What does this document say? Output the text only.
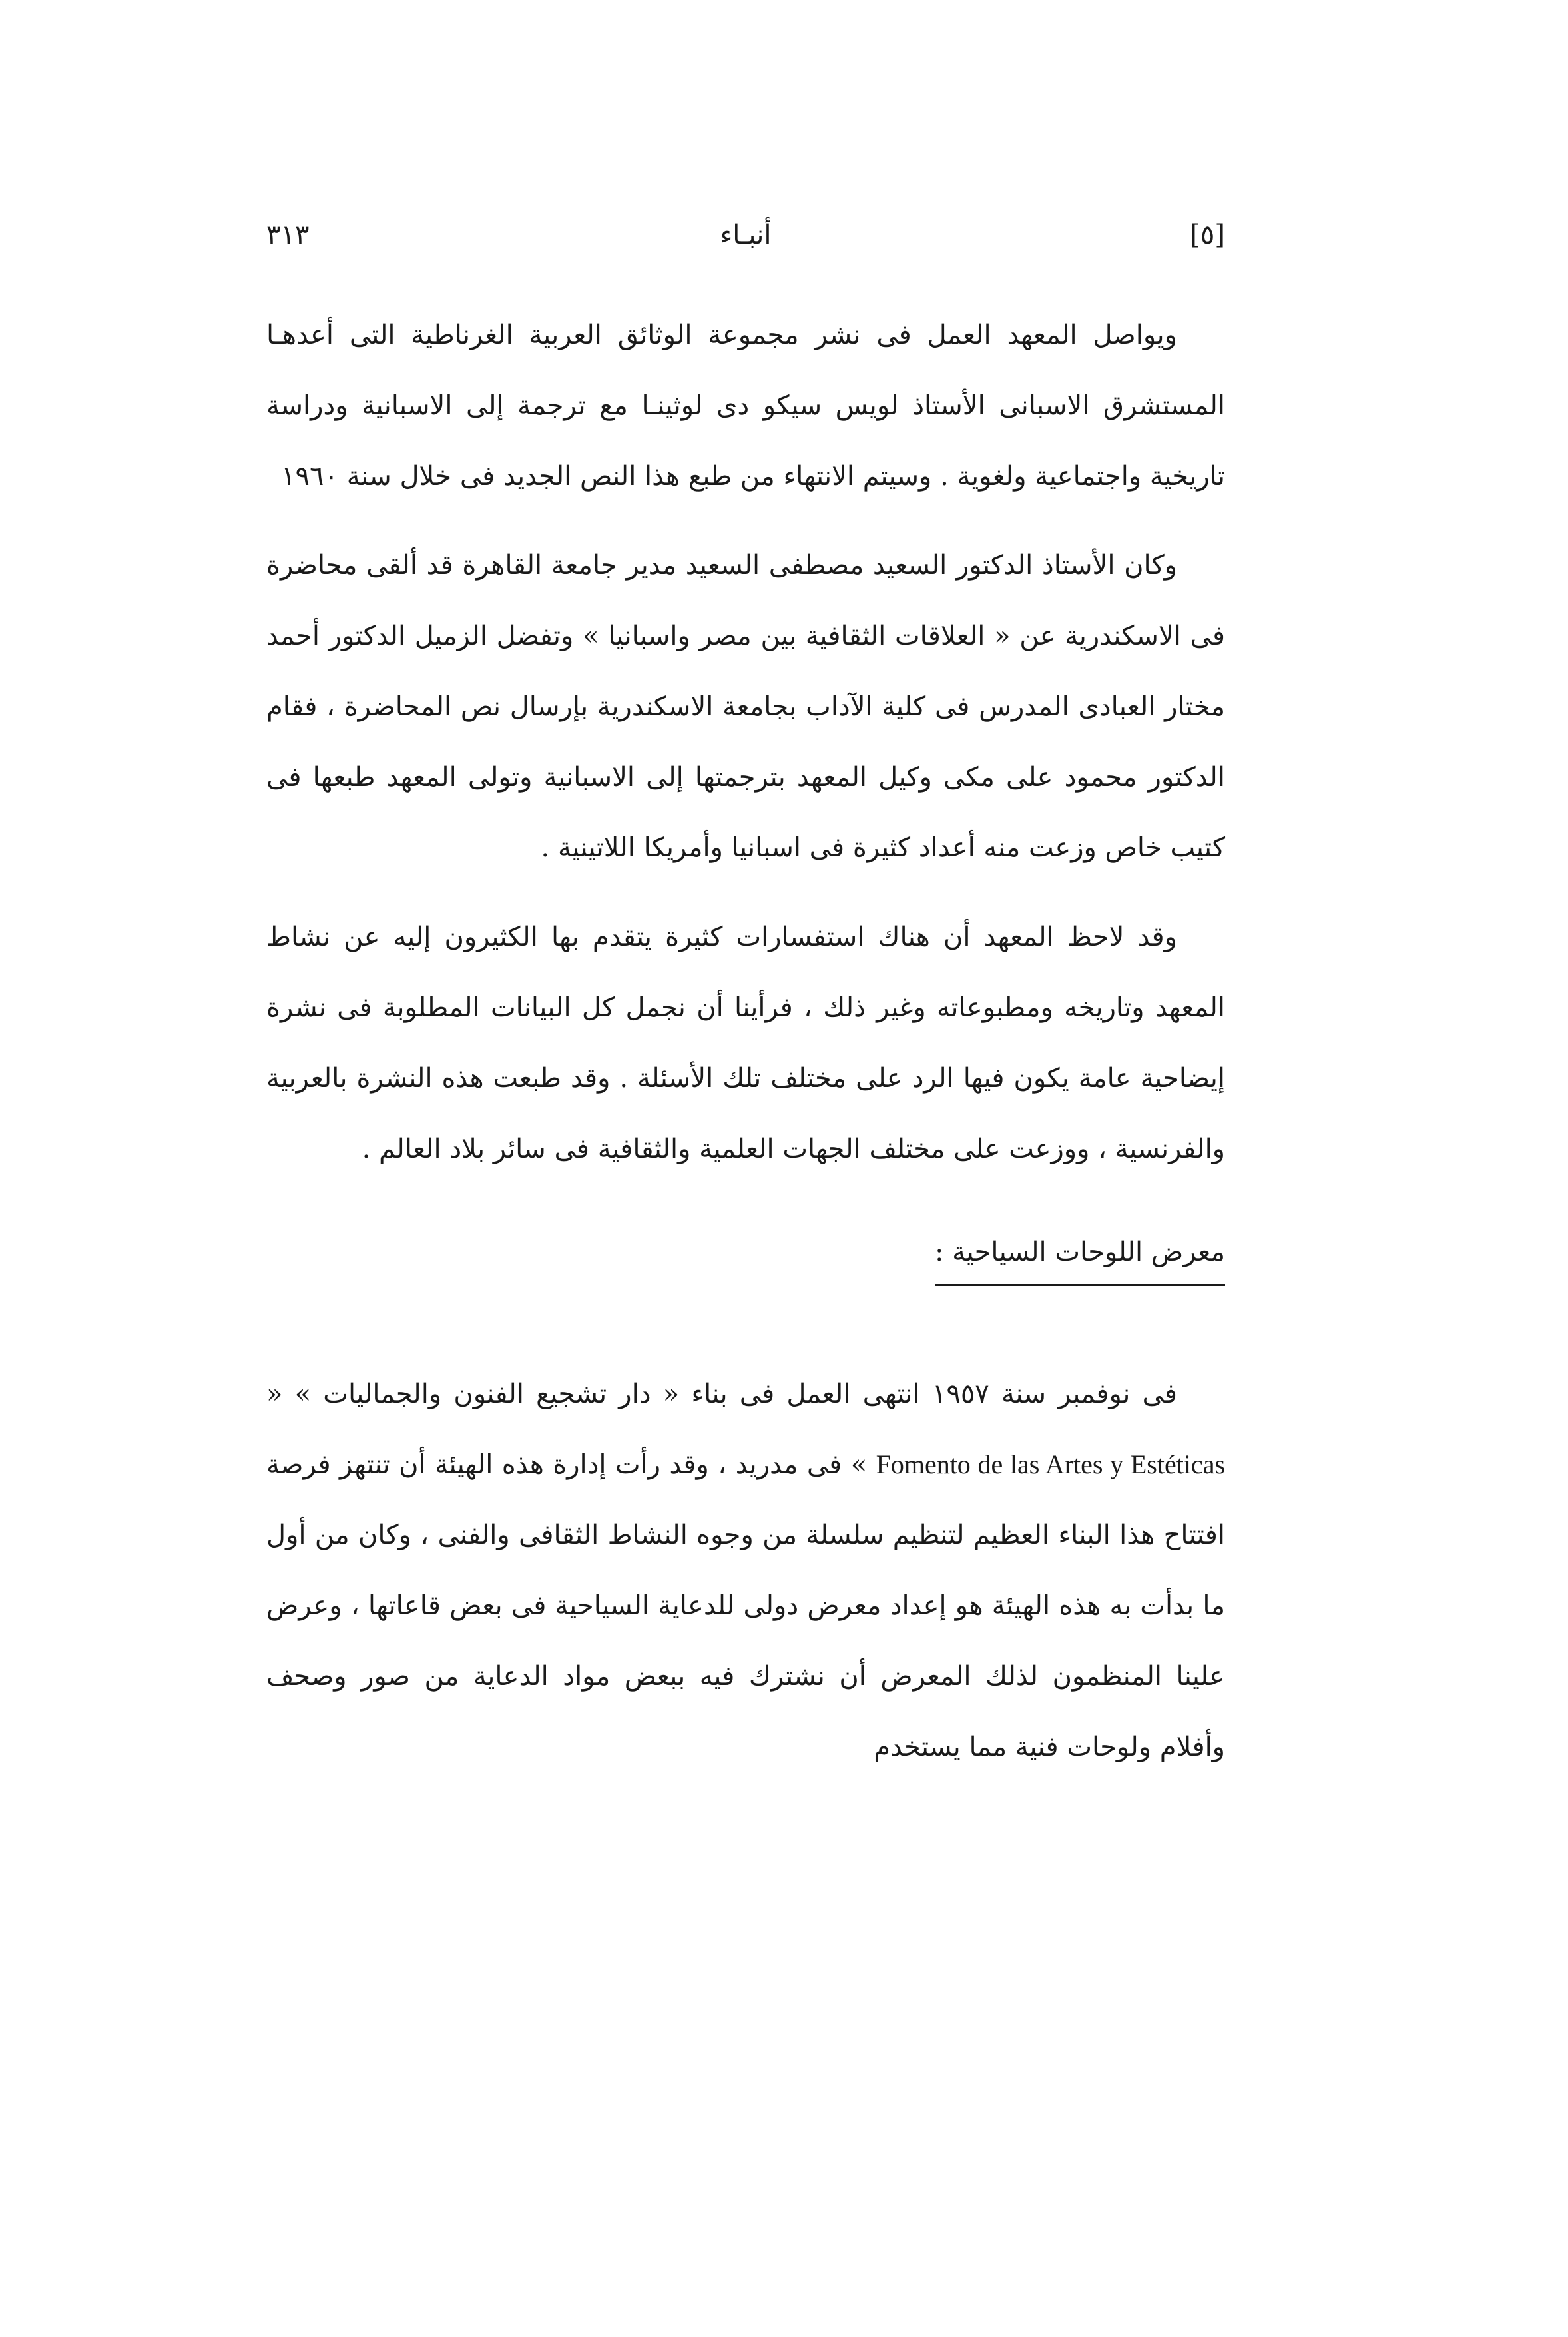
٣١٣	أنبـاء	[٥]

ويواصل المعهد العمل فى نشر مجموعة الوثائق العربية الغرناطية التى أعدهـا المستشرق الاسبانى الأستاذ لويس سيكو دى لوثينـا مع ترجمة إلى الاسبانية ودراسة تاريخية واجتماعية ولغوية . وسيتم الانتهاء من طبع هذا النص الجديد فى خلال سنة ١٩٦٠

وكان الأستاذ الدكتور السعيد مصطفى السعيد مدير جامعة القاهرة قد ألقى محاضرة فى الاسكندرية عن « العلاقات الثقافية بين مصر واسبانيا » وتفضل الزميل الدكتور أحمد مختار العبادى المدرس فى كلية الآداب بجامعة الاسكندرية بإرسال نص المحاضرة ، فقام الدكتور محمود على مكى وكيل المعهد بترجمتها إلى الاسبانية وتولى المعهد طبعها فى كتيب خاص وزعت منه أعداد كثيرة فى اسبانيا وأمريكا اللاتينية .

وقد لاحظ المعهد أن هناك استفسارات كثيرة يتقدم بها الكثيرون إليه عن نشاط المعهد وتاريخه ومطبوعاته وغير ذلك ، فرأينا أن نجمل كل البيانات المطلوبة فى نشرة إيضاحية عامة يكون فيها الرد على مختلف تلك الأسئلة . وقد طبعت هذه النشرة بالعربية والفرنسية ، ووزعت على مختلف الجهات العلمية والثقافية فى سائر بلاد العالم .

معرض اللوحات السياحية :

فى نوفمبر سنة ١٩٥٧ انتهى العمل فى بناء « دار تشجيع الفنون والجماليات » « Fomento de las Artes y Estéticas » فى مدريد ، وقد رأت إدارة هذه الهيئة أن تنتهز فرصة افتتاح هذا البناء العظيم لتنظيم سلسلة من وجوه النشاط الثقافى والفنى ، وكان من أول ما بدأت به هذه الهيئة هو إعداد معرض دولى للدعاية السياحية فى بعض قاعاتها ، وعرض علينا المنظمون لذلك المعرض أن نشترك فيه ببعض مواد الدعاية من صور وصحف وأفلام ولوحات فنية مما يستخدم
